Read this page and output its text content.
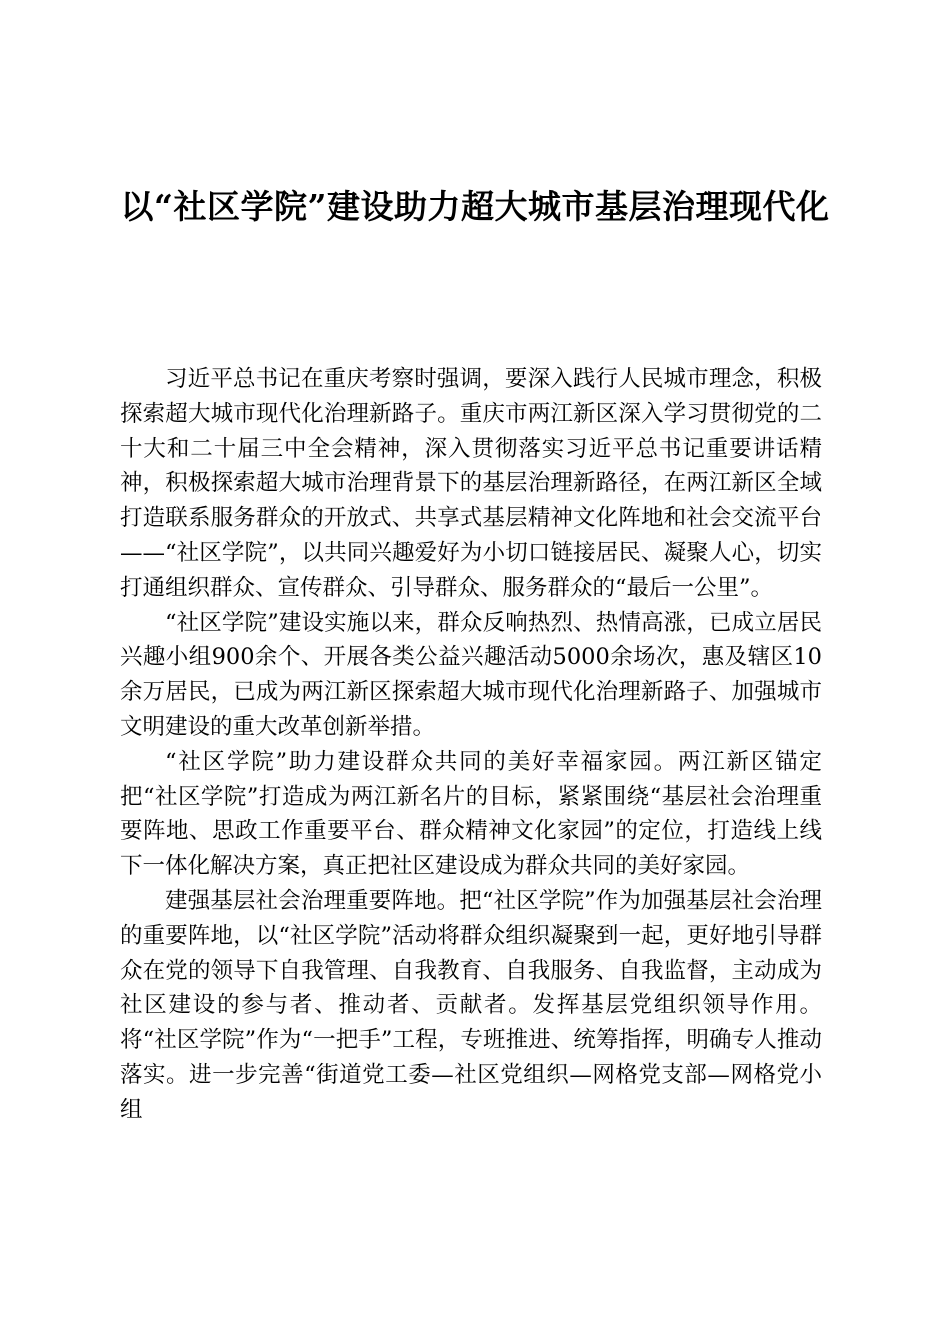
以“社区学院”建设助力超大城市基层治理现代化

习近平总书记在重庆考察时强调，要深入践行人民城市理念，积极探索超大城市现代化治理新路子。重庆市两江新区深入学习贯彻党的二十大和二十届三中全会精神，深入贯彻落实习近平总书记重要讲话精神，积极探索超大城市治理背景下的基层治理新路径，在两江新区全域打造联系服务群众的开放式、共享式基层精神文化阵地和社会交流平台——“社区学院”，以共同兴趣爱好为小切口链接居民、凝聚人心，切实打通组织群众、宣传群众、引导群众、服务群众的“最后一公里”。

“社区学院”建设实施以来，群众反响热烈、热情高涨，已成立居民兴趣小组900余个、开展各类公益兴趣活动5000余场次，惠及辖区10余万居民，已成为两江新区探索超大城市现代化治理新路子、加强城市文明建设的重大改革创新举措。

“社区学院”助力建设群众共同的美好幸福家园。两江新区锚定把“社区学院”打造成为两江新名片的目标，紧紧围绕“基层社会治理重要阵地、思政工作重要平台、群众精神文化家园”的定位，打造线上线下一体化解决方案，真正把社区建设成为群众共同的美好家园。

建强基层社会治理重要阵地。把“社区学院”作为加强基层社会治理的重要阵地，以“社区学院”活动将群众组织凝聚到一起，更好地引导群众在党的领导下自我管理、自我教育、自我服务、自我监督，主动成为社区建设的参与者、推动者、贡献者。发挥基层党组织领导作用。将“社区学院”作为“一把手”工程，专班推进、统筹指挥，明确专人推动落实。进一步完善“街道党工委—社区党组织—网格党支部—网格党小组
